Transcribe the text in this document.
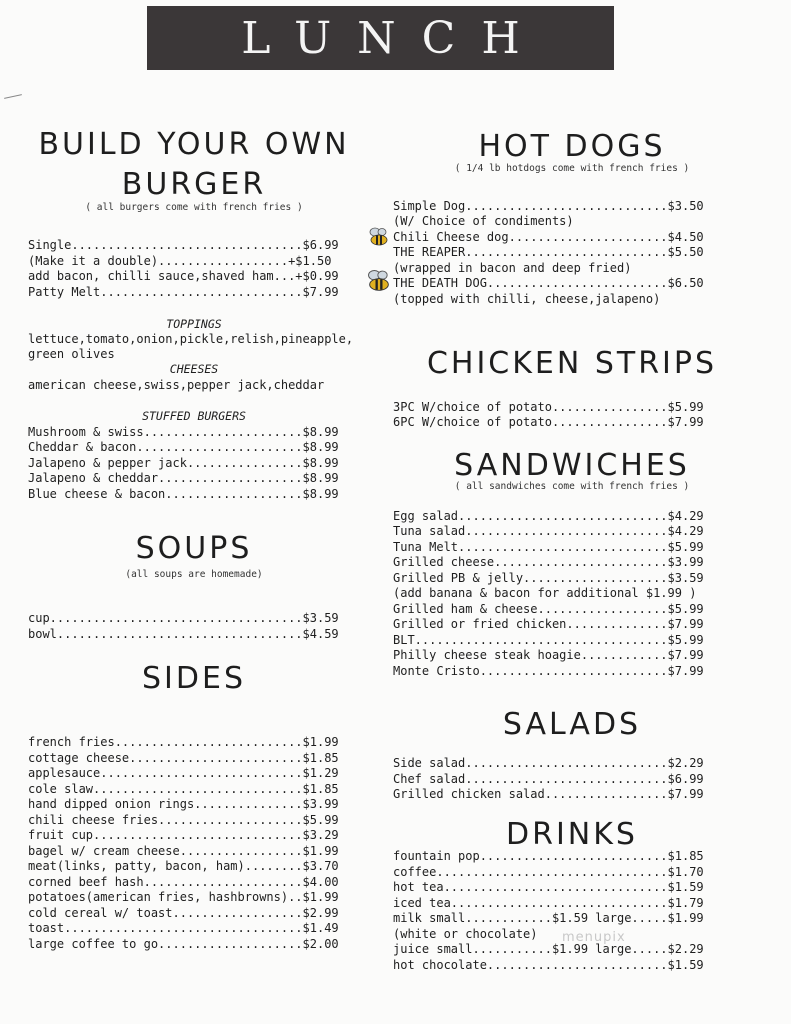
LUNCH
BUILD YOUR OWN
BURGER
( all burgers come with french fries )
Single................................$6.99
(Make it a double)..................+$1.50
add bacon, chilli sauce,shaved ham...+$0.99
Patty Melt............................$7.99
TOPPINGS
lettuce,tomato,onion,pickle,relish,pineapple,
green olives
CHEESES
american cheese,swiss,pepper jack,cheddar
STUFFED BURGERS
Mushroom & swiss......................$8.99
Cheddar & bacon.......................$8.99
Jalapeno & pepper jack................$8.99
Jalapeno & cheddar....................$8.99
Blue cheese & bacon...................$8.99
SOUPS
(all soups are homemade)
cup...................................$3.59
bowl..................................$4.59
SIDES
french fries..........................$1.99
cottage cheese........................$1.85
applesauce............................$1.29
cole slaw.............................$1.85
hand dipped onion rings...............$3.99
chili cheese fries....................$5.99
fruit cup.............................$3.29
bagel w/ cream cheese.................$1.99
meat(links, patty, bacon, ham)........$3.70
corned beef hash......................$4.00
potatoes(american fries, hashbrowns)..$1.99
cold cereal w/ toast..................$2.99
toast.................................$1.49
large coffee to go....................$2.00
HOT DOGS
( 1/4 lb hotdogs come with french fries )
Simple Dog............................$3.50
(W/ Choice of condiments)
Chili Cheese dog......................$4.50
THE REAPER............................$5.50
(wrapped in bacon and deep fried)
THE DEATH DOG.........................$6.50
(topped with chilli, cheese,jalapeno)
CHICKEN STRIPS
3PC W/choice of potato................$5.99
6PC W/choice of potato................$7.99
SANDWICHES
( all sandwiches come with french fries )
Egg salad.............................$4.29
Tuna salad............................$4.29
Tuna Melt.............................$5.99
Grilled cheese........................$3.99
Grilled PB & jelly....................$3.59
(add banana & bacon for additional $1.99 )
Grilled ham & cheese..................$5.99
Grilled or fried chicken..............$7.99
BLT...................................$5.99
Philly cheese steak hoagie............$7.99
Monte Cristo..........................$7.99
SALADS
Side salad............................$2.29
Chef salad............................$6.99
Grilled chicken salad.................$7.99
DRINKS
fountain pop..........................$1.85
coffee................................$1.70
hot tea...............................$1.59
iced tea..............................$1.79
milk small............$1.59 large.....$1.99
(white or chocolate)
juice small...........$1.99 large.....$2.29
hot chocolate.........................$1.59
menupix
